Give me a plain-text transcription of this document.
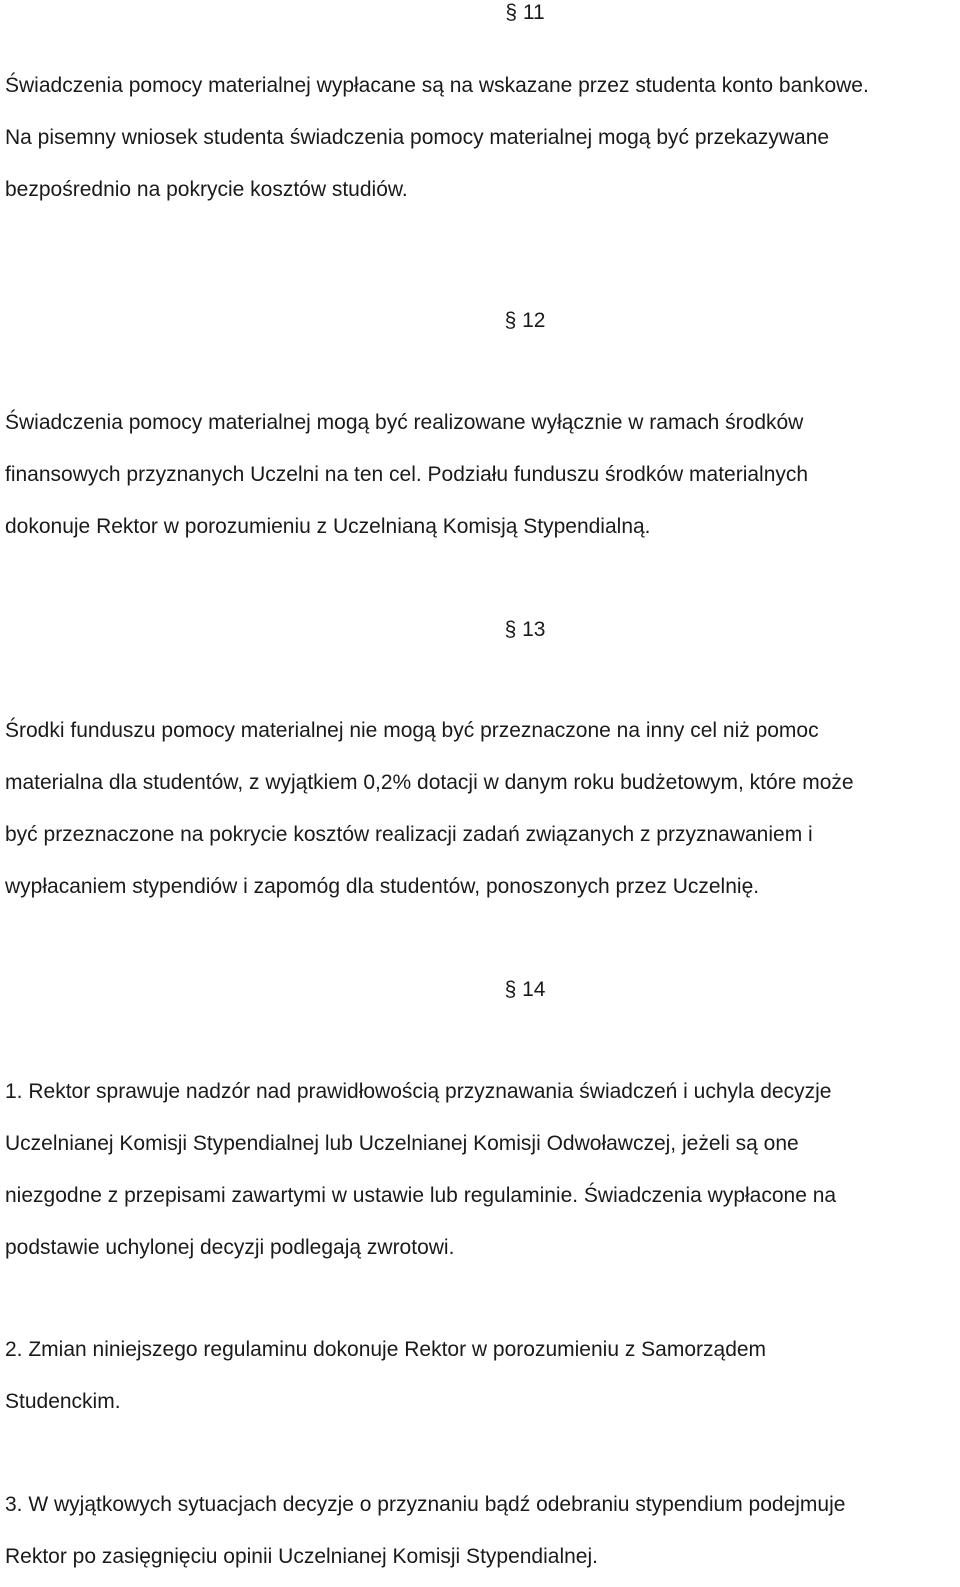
§ 11
Świadczenia pomocy materialnej wypłacane są na wskazane przez studenta konto bankowe.
Na pisemny wniosek studenta świadczenia pomocy materialnej mogą być przekazywane
bezpośrednio na pokrycie kosztów studiów.
§ 12
Świadczenia pomocy materialnej mogą być realizowane wyłącznie w ramach środków
finansowych przyznanych Uczelni na ten cel. Podziału funduszu środków materialnych
dokonuje Rektor w porozumieniu z Uczelnianą Komisją Stypendialną.
§ 13
Środki funduszu pomocy materialnej nie mogą być przeznaczone na inny cel niż pomoc
materialna dla studentów, z wyjątkiem 0,2% dotacji w danym roku budżetowym, które może
być przeznaczone na pokrycie kosztów realizacji zadań związanych z przyznawaniem i
wypłacaniem stypendiów i zapomóg dla studentów, ponoszonych przez Uczelnię.
§ 14
1. Rektor sprawuje nadzór nad prawidłowością przyznawania świadczeń i uchyla decyzje
Uczelnianej Komisji Stypendialnej lub Uczelnianej Komisji Odwoławczej, jeżeli są one
niezgodne z przepisami zawartymi w ustawie lub regulaminie. Świadczenia wypłacone na
podstawie uchylonej decyzji podlegają zwrotowi.
2. Zmian niniejszego regulaminu dokonuje Rektor w porozumieniu z Samorządem
Studenckim.
3. W wyjątkowych sytuacjach decyzje o przyznaniu bądź odebraniu stypendium podejmuje
Rektor po zasięgnięciu opinii Uczelnianej Komisji Stypendialnej.
